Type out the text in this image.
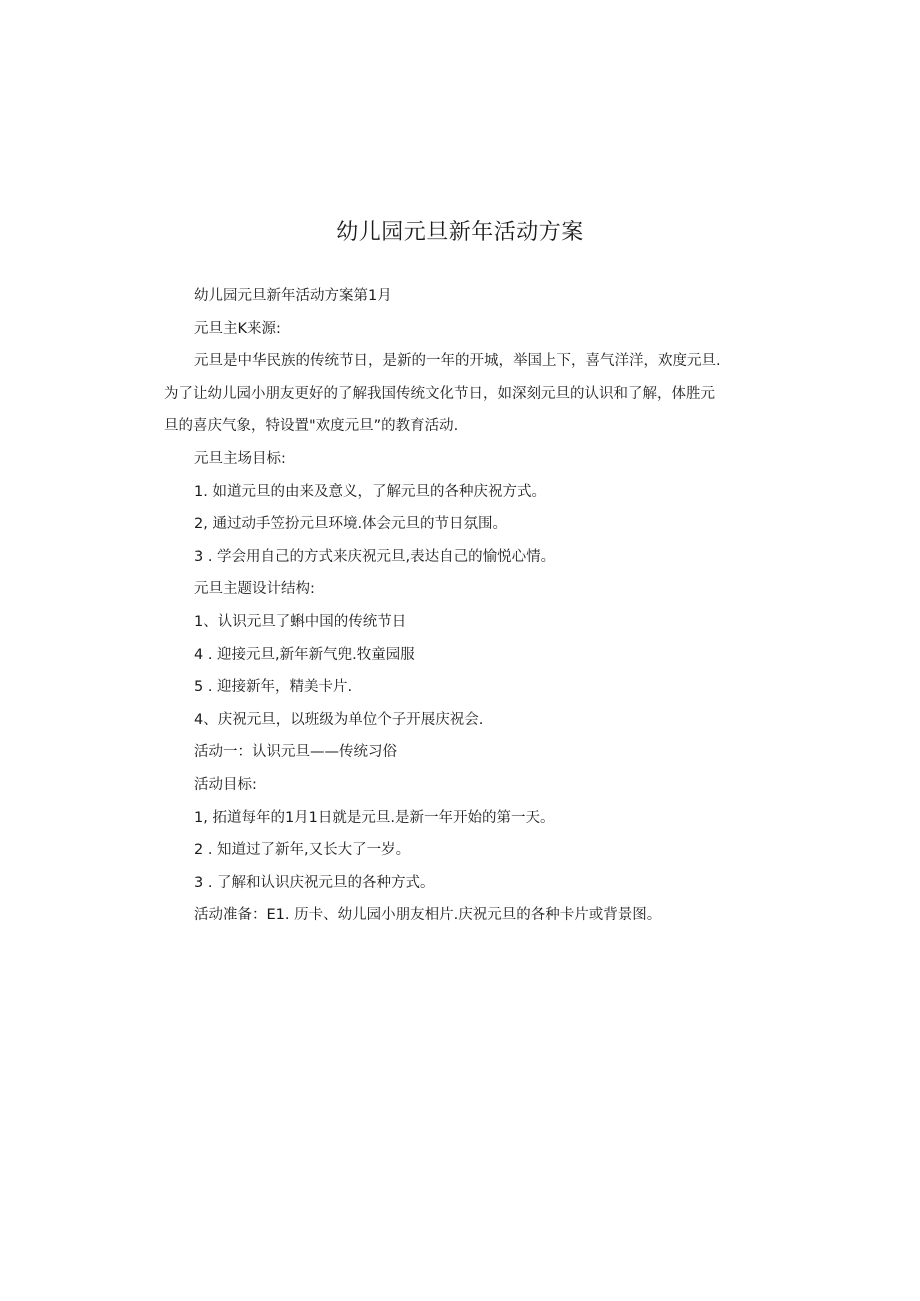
幼儿园元旦新年活动方案
幼儿园元旦新年活动方案第1月
元旦主K来源:
元旦是中华民族的传统节日，是新的一年的开城，举国上下，喜气洋洋，欢度元旦.
为了让幼儿园小朋友更好的了解我国传统文化节日，如深刻元旦的认识和了解，体胜元
旦的喜庆气象，特设置"欢度元旦”的教育活动.
元旦主场目标:
1. 如道元旦的由来及意义，了解元旦的各种庆祝方式。
2, 通过动手笠扮元旦环境.体会元旦的节日氛围。
3 . 学会用自己的方式来庆祝元旦,表达自己的愉悦心情。
元旦主题设计结构:
1、认识元旦了蝌中国的传统节日
4 . 迎接元旦,新年新气兜.牧童园服
5 . 迎接新年，精美卡片.
4、庆祝元旦，以班级为单位个子开展庆祝会.
活动一：认识元旦——传统习俗
活动目标:
1, 拓道每年的1月1日就是元旦.是新一年开始的第一天。
2 . 知道过了新年,又长大了一岁。
3 . 了解和认识庆祝元旦的各种方式。
活动准备：E1. 历卡、幼儿园小朋友相片.庆祝元旦的各种卡片或背景图。
